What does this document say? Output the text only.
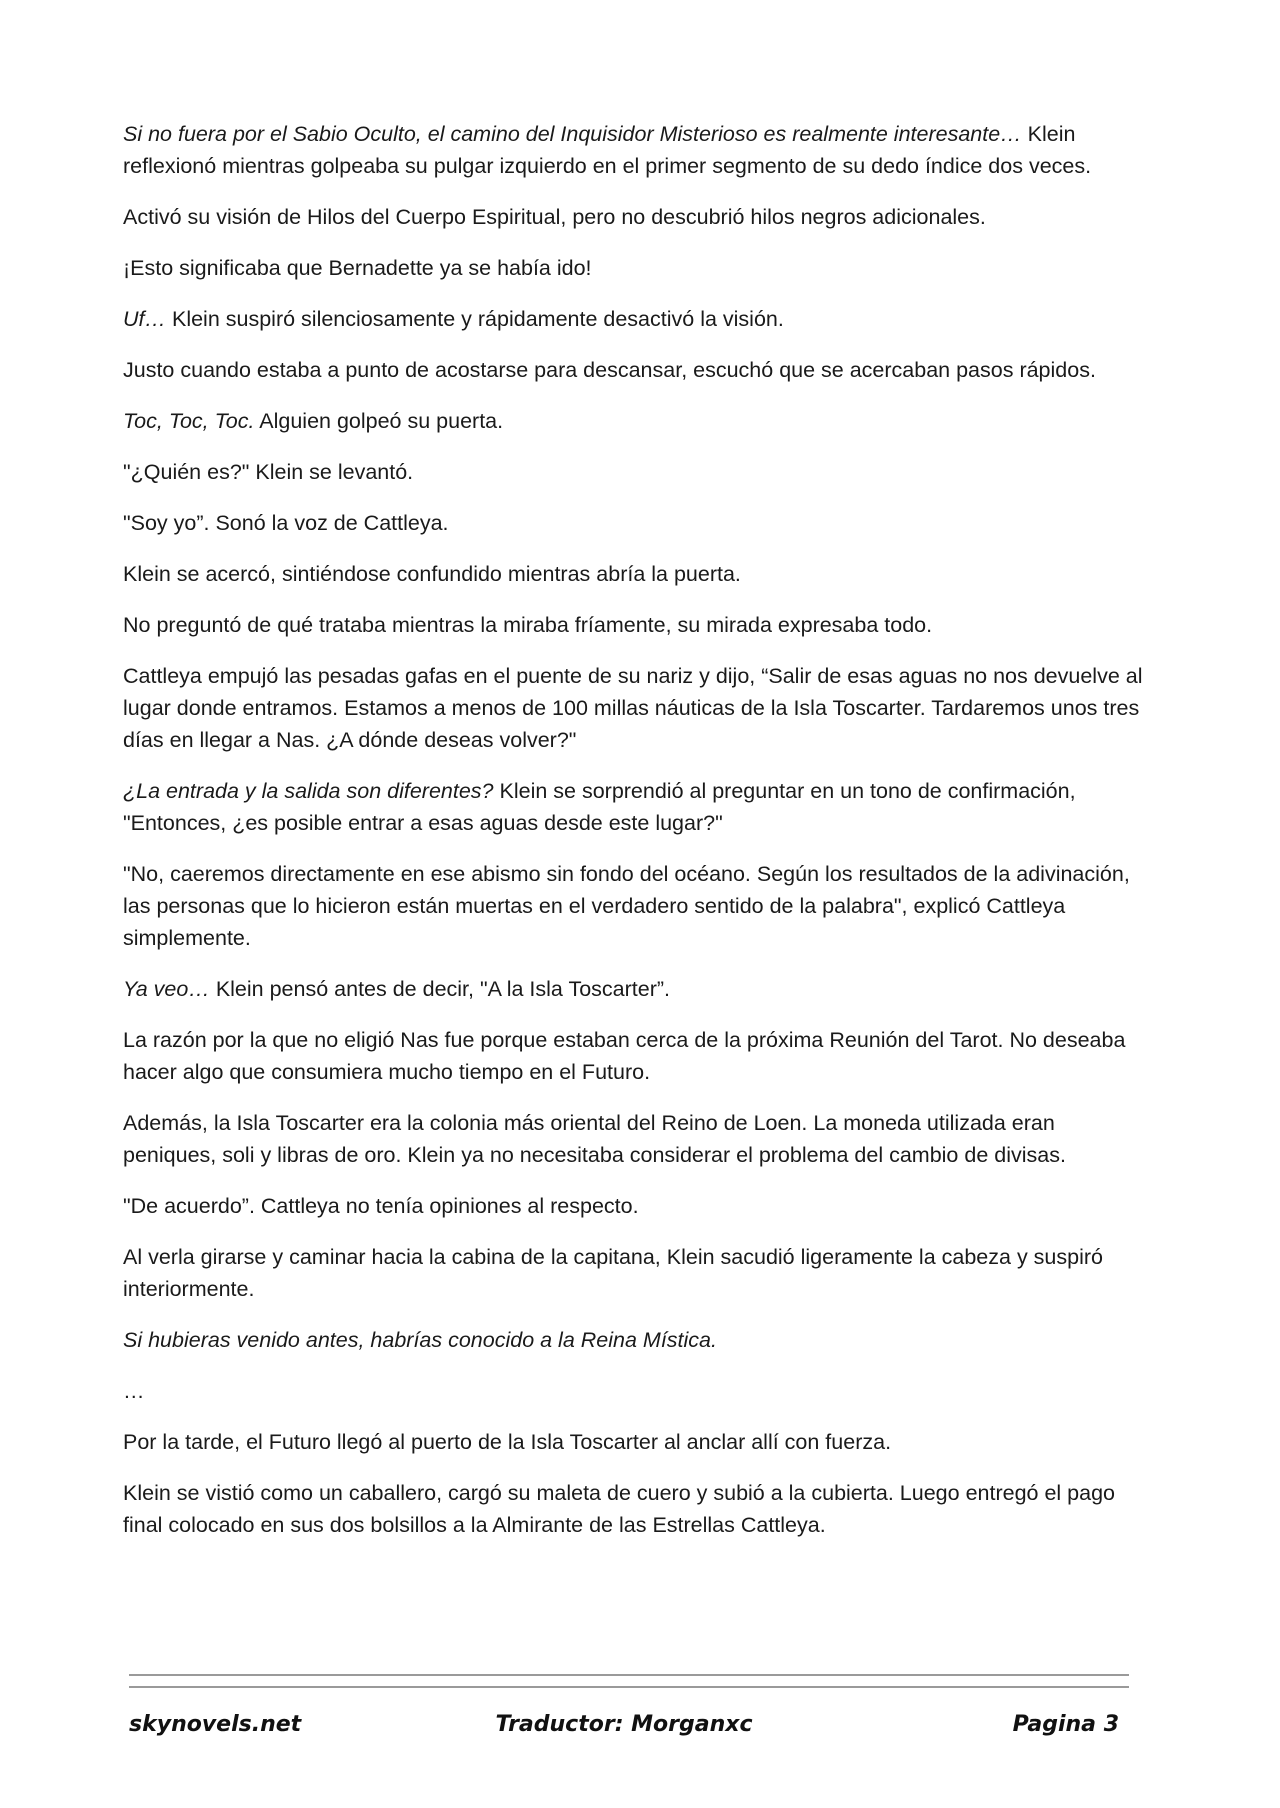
Si no fuera por el Sabio Oculto, el camino del Inquisidor Misterioso es realmente interesante… Klein reflexionó mientras golpeaba su pulgar izquierdo en el primer segmento de su dedo índice dos veces.

Activó su visión de Hilos del Cuerpo Espiritual, pero no descubrió hilos negros adicionales.

¡Esto significaba que Bernadette ya se había ido!

Uf… Klein suspiró silenciosamente y rápidamente desactivó la visión.

Justo cuando estaba a punto de acostarse para descansar, escuchó que se acercaban pasos rápidos.

Toc, Toc, Toc. Alguien golpeó su puerta.

"¿Quién es?" Klein se levantó.

"Soy yo”. Sonó la voz de Cattleya.

Klein se acercó, sintiéndose confundido mientras abría la puerta.

No preguntó de qué trataba mientras la miraba fríamente, su mirada expresaba todo.

Cattleya empujó las pesadas gafas en el puente de su nariz y dijo, “Salir de esas aguas no nos devuelve al lugar donde entramos. Estamos a menos de 100 millas náuticas de la Isla Toscarter. Tardaremos unos tres días en llegar a Nas. ¿A dónde deseas volver?"

¿La entrada y la salida son diferentes? Klein se sorprendió al preguntar en un tono de confirmación, "Entonces, ¿es posible entrar a esas aguas desde este lugar?"

"No, caeremos directamente en ese abismo sin fondo del océano. Según los resultados de la adivinación, las personas que lo hicieron están muertas en el verdadero sentido de la palabra", explicó Cattleya simplemente.

Ya veo… Klein pensó antes de decir, "A la Isla Toscarter”.

La razón por la que no eligió Nas fue porque estaban cerca de la próxima Reunión del Tarot. No deseaba hacer algo que consumiera mucho tiempo en el Futuro.

Además, la Isla Toscarter era la colonia más oriental del Reino de Loen. La moneda utilizada eran peniques, soli y libras de oro. Klein ya no necesitaba considerar el problema del cambio de divisas.

"De acuerdo”. Cattleya no tenía opiniones al respecto.

Al verla girarse y caminar hacia la cabina de la capitana, Klein sacudió ligeramente la cabeza y suspiró interiormente.

Si hubieras venido antes, habrías conocido a la Reina Mística.

…

Por la tarde, el Futuro llegó al puerto de la Isla Toscarter al anclar allí con fuerza.

Klein se vistió como un caballero, cargó su maleta de cuero y subió a la cubierta. Luego entregó el pago final colocado en sus dos bolsillos a la Almirante de las Estrellas Cattleya.

skynovels.net	Traductor: Morganxc	Pagina 3
